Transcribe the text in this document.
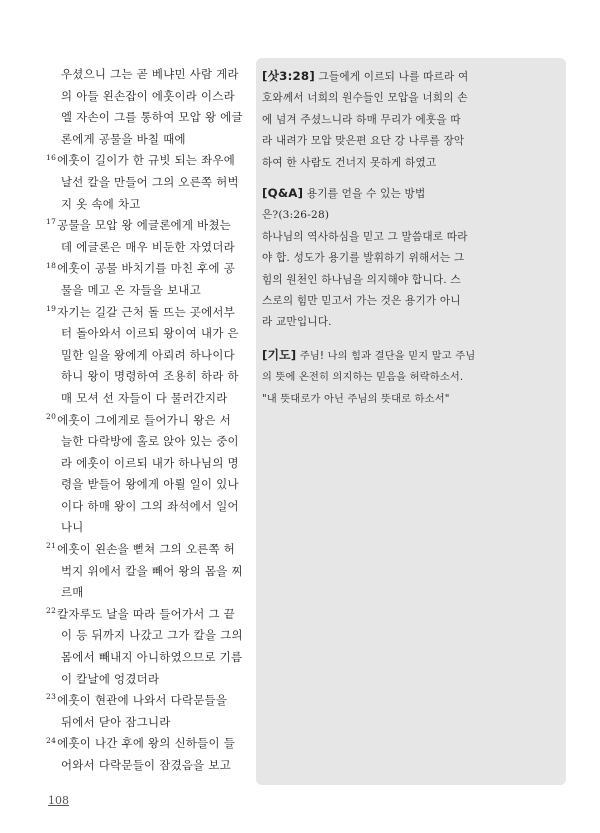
우셨으니 그는 곧 베냐민 사람 게라
의 아들 왼손잡이 에훗이라 이스라
엘 자손이 그를 통하여 모압 왕 에글
론에게 공물을 바칠 때에
$^{16}$에훗이 길이가 한 규빗 되는 좌우에
날선 칼을 만들어 그의 오른쪽 허벅
지 옷 속에 차고
$^{17}$공물을 모압 왕 에글론에게 바쳤는
데 에글론은 매우 비둔한 자였더라
$^{18}$에훗이 공물 바치기를 마친 후에 공
물을 메고 온 자들을 보내고
$^{19}$자기는 길갈 근처 돌 뜨는 곳에서부
터 돌아와서 이르되 왕이여 내가 은
밀한 일을 왕에게 아뢰려 하나이다
하니 왕이 명령하여 조용히 하라 하
매 모셔 선 자들이 다 물러간지라
$^{20}$에훗이 그에게로 들어가니 왕은 서
늘한 다락방에 홀로 앉아 있는 중이
라 에훗이 이르되 내가 하나님의 명
령을 받들어 왕에게 아뢸 일이 있나
이다 하매 왕이 그의 좌석에서 일어
나니
$^{21}$에훗이 왼손을 뻗쳐 그의 오른쪽 허
벅지 위에서 칼을 빼어 왕의 몸을 찌
르매
$^{22}$칼자루도 날을 따라 들어가서 그 끝
이 등 뒤까지 나갔고 그가 칼을 그의
몸에서 빼내지 아니하였으므로 기름
이 칼날에 엉겼더라
$^{23}$에훗이 현관에 나와서 다락문들을
뒤에서 닫아 잠그니라
$^{24}$에훗이 나간 후에 왕의 신하들이 들
어와서 다락문들이 잠겼음을 보고

[삿3:28] 그들에게 이르되 나를 따르라 여

호와께서 너희의 원수들인 모압을 너희의 손

에 넘겨 주셨느니라 하매 무리가 에훗을 따

라 내려가 모압 맞은편 요단 강 나루를 장악

하여 한 사람도 건너지 못하게 하였고

[Q&A] 용기를 얻을 수 있는 방법

은?(3:26-28)

하나님의 역사하심을 믿고 그 말씀대로 따라

야 합. 성도가 용기를 발휘하기 위해서는 그

힘의 원천인 하나님을 의지해야 합니다. 스

스로의 힘만 믿고서 가는 것은 용기가 아니

라 교만입니다.

[기도] 주님! 나의 힘과 결단을 믿지 말고 주님

의 뜻에 온전히 의지하는 믿음을 허락하소서.

"내 뜻대로가 아닌 주님의 뜻대로 하소서"

108
